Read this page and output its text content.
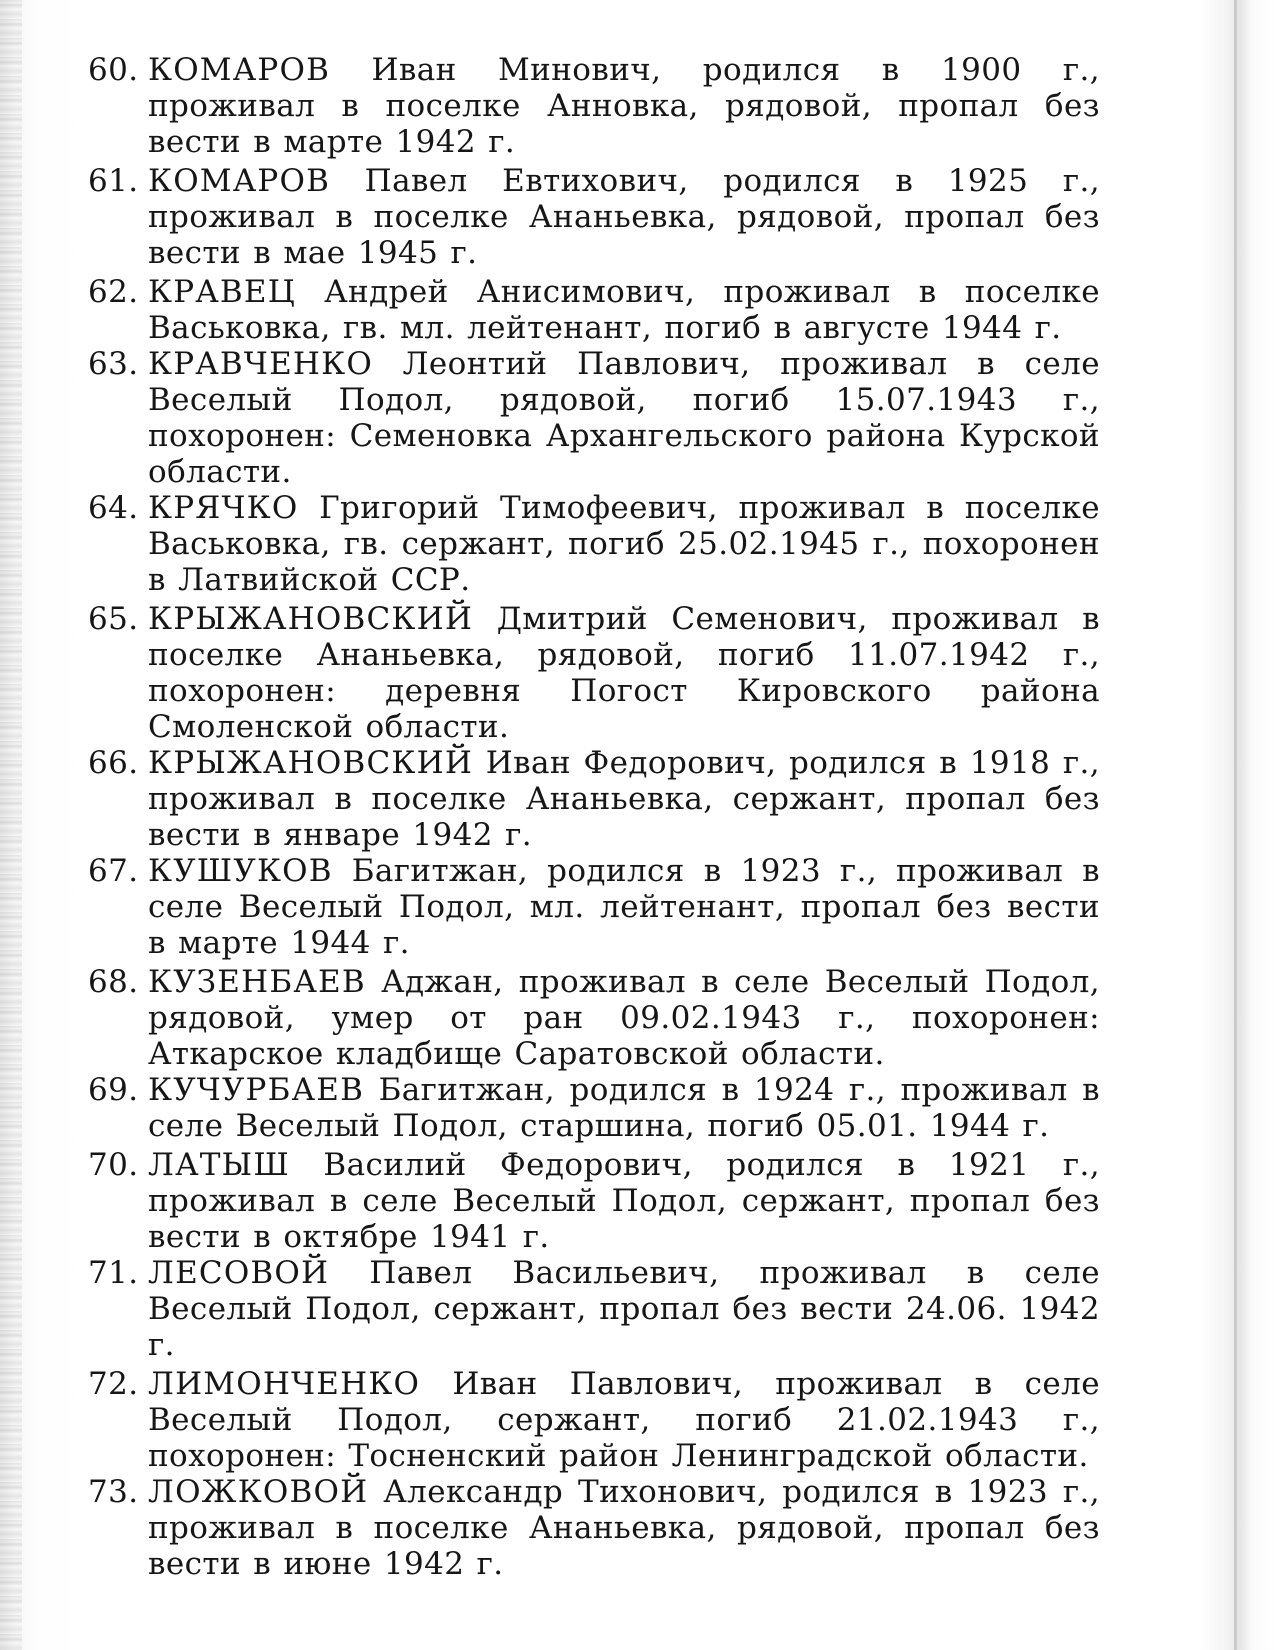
60. КОМАРОВ Иван Минович, родился в 1900 г., проживал в поселке Анновка, рядовой, пропал без вести в марте 1942 г.
61. КОМАРОВ Павел Евтихович, родился в 1925 г., проживал в поселке Ананьевка, рядовой, пропал без вести в мае 1945 г.
62. КРАВЕЦ Андрей Анисимович, проживал в поселке Васьковка, гв. мл. лейтенант, погиб в августе 1944 г.
63. КРАВЧЕНКО Леонтий Павлович, проживал в селе Веселый Подол, рядовой, погиб 15.07.1943 г., похоронен: Семеновка Архангельского района Курской области.
64. КРЯЧКО Григорий Тимофеевич, проживал в поселке Васьковка, гв. сержант, погиб 25.02.1945 г., похоронен в Латвийской ССР.
65. КРЫЖАНОВСКИЙ Дмитрий Семенович, проживал в поселке Ананьевка, рядовой, погиб 11.07.1942 г., похоронен: деревня Погост Кировского района Смоленской области.
66. КРЫЖАНОВСКИЙ Иван Федорович, родился в 1918 г., проживал в поселке Ананьевка, сержант, пропал без вести в январе 1942 г.
67. КУШУКОВ Багитжан, родился в 1923 г., проживал в селе Веселый Подол, мл. лейтенант, пропал без вести в марте 1944 г.
68. КУЗЕНБАЕВ Аджан, проживал в селе Веселый Подол, рядовой, умер от ран 09.02.1943 г., похоронен: Аткарское кладбище Саратовской области.
69. КУЧУРБАЕВ Багитжан, родился в 1924 г., проживал в селе Веселый Подол, старшина, погиб 05.01. 1944 г.
70. ЛАТЫШ Василий Федорович, родился в 1921 г., проживал в селе Веселый Подол, сержант, пропал без вести в октябре 1941 г.
71. ЛЕСОВОЙ Павел Васильевич, проживал в селе Веселый Подол, сержант, пропал без вести 24.06. 1942 г.
72. ЛИМОНЧЕНКО Иван Павлович, проживал в селе Веселый Подол, сержант, погиб 21.02.1943 г., похоронен: Тосненский район Ленинградской области.
73. ЛОЖКОВОЙ Александр Тихонович, родился в 1923 г., проживал в поселке Ананьевка, рядовой, пропал без вести в июне 1942 г.
